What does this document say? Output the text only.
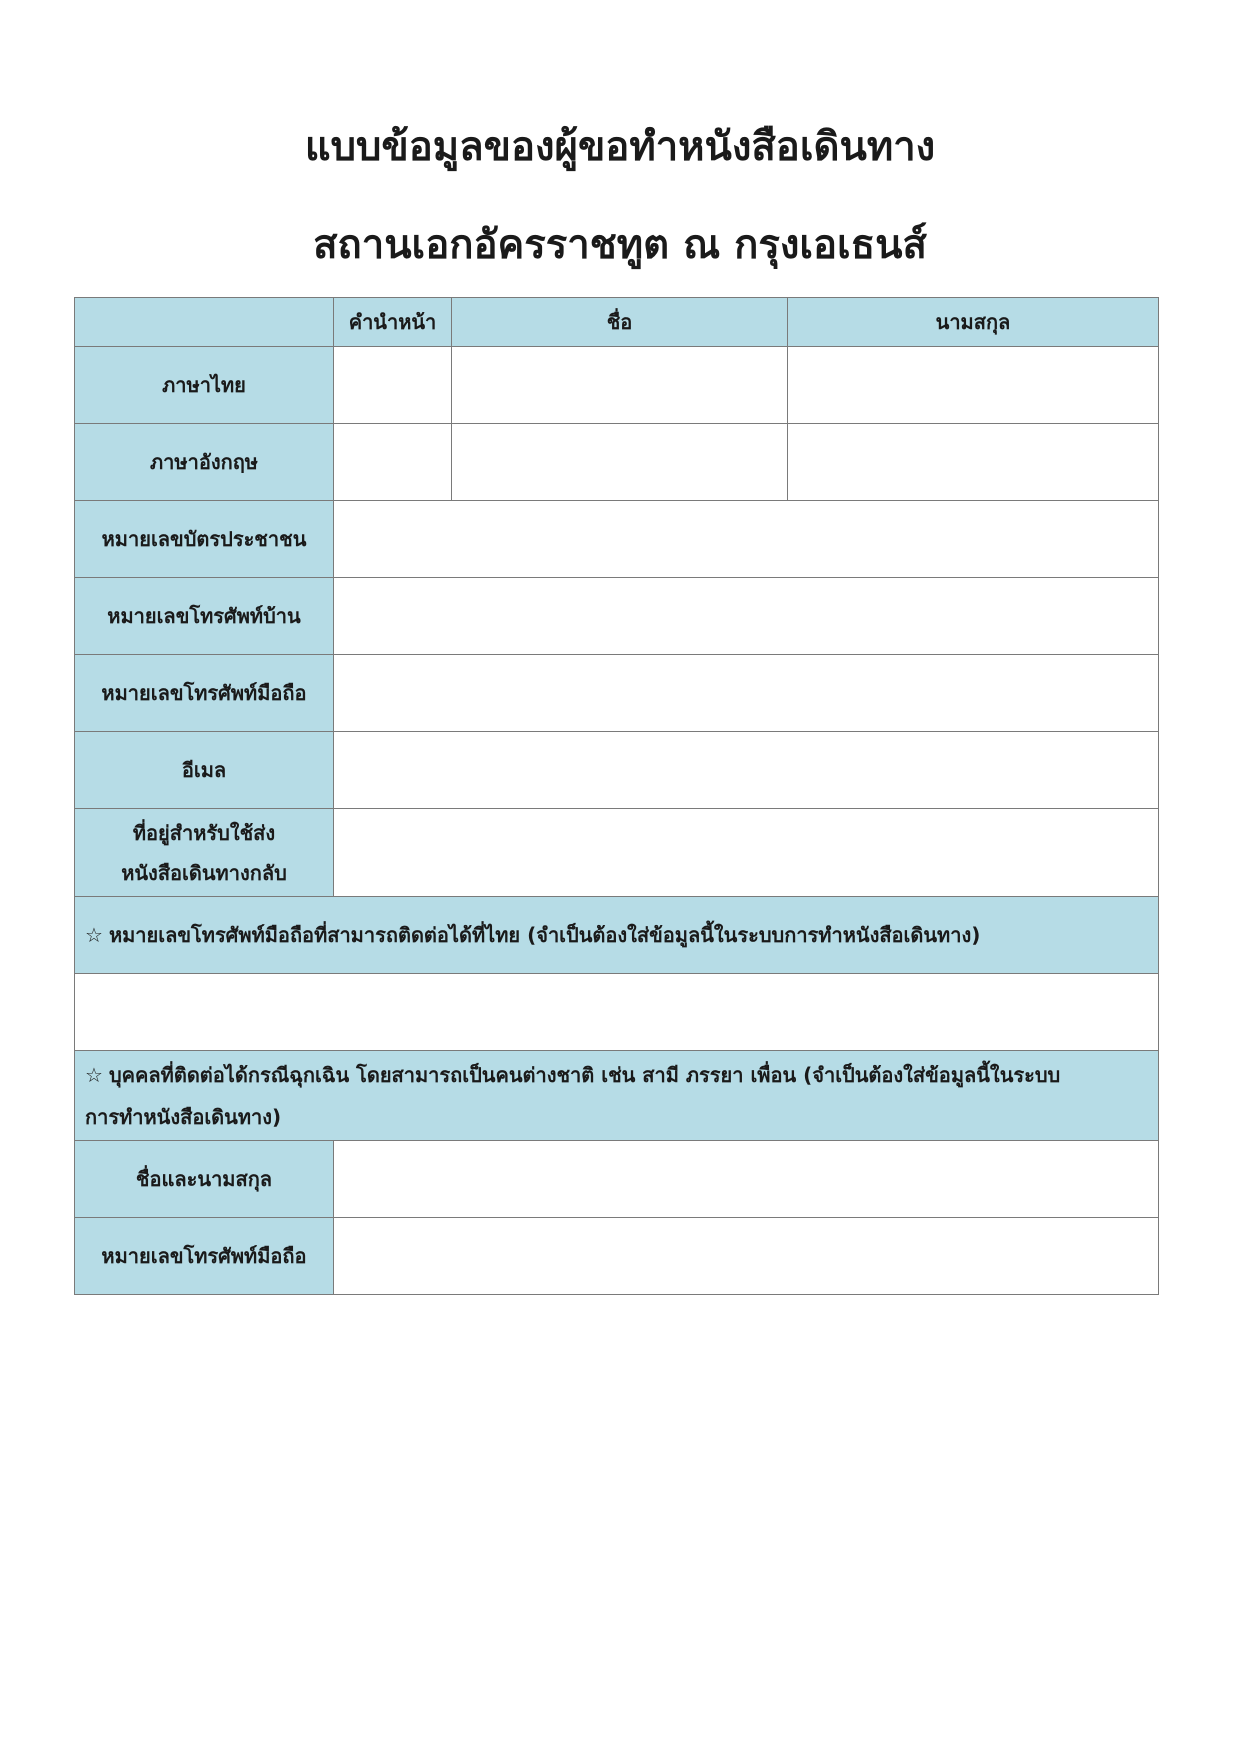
แบบข้อมูลของผู้ขอทำหนังสือเดินทาง
สถานเอกอัครราชทูต ณ กรุงเอเธนส์
	คำนำหน้า	ชื่อ	นามสกุล
ภาษาไทย			
ภาษาอังกฤษ			
หมายเลขบัตรประชาชน			
หมายเลขโทรศัพท์บ้าน			
หมายเลขโทรศัพท์มือถือ			
อีเมล			

ที่อยู่สำหรับใช้ส่ง
หนังสือเดินทางกลับ			

☆ หมายเลขโทรศัพท์มือถือที่สามารถติดต่อได้ที่ไทย (จำเป็นต้องใส่ข้อมูลนี้ในระบบการทำหนังสือเดินทาง)			

☆ บุคคลที่ติดต่อได้กรณีฉุกเฉิน โดยสามารถเป็นคนต่างชาติ เช่น สามี ภรรยา เพื่อน (จำเป็นต้องใส่ข้อมูลนี้ในระบบ
การทำหนังสือเดินทาง)			

ชื่อและนามสกุล			
หมายเลขโทรศัพท์มือถือ			
